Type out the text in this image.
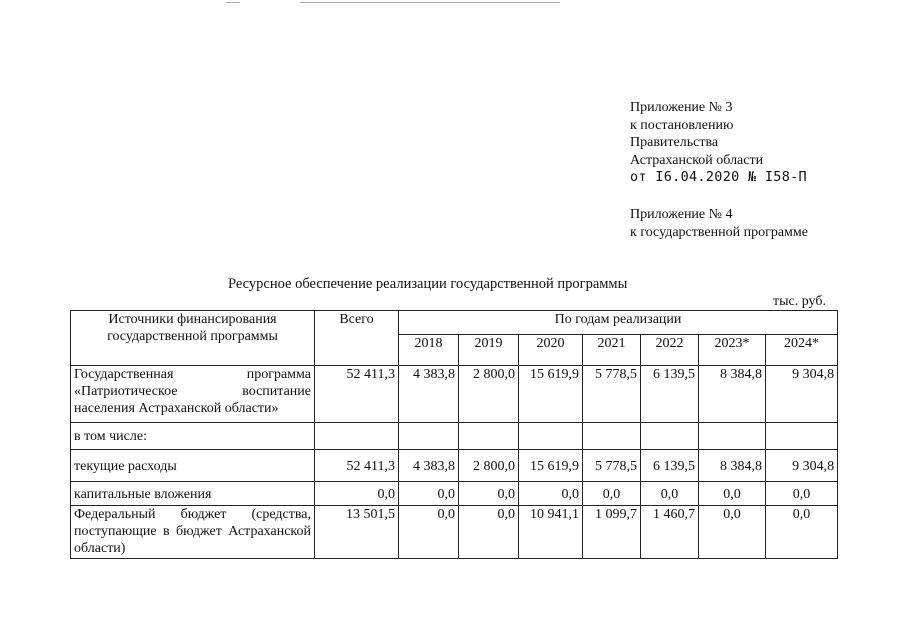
Приложение № 3
к постановлению
Правительства
Астраханской области
от I6.04.2020 № I58-П
Приложение № 4
к государственной программе
Ресурсное обеспечение реализации государственной программы
тыс. руб.
Источники финансирования государственной программы	Всего	По годам реализации						
		2018	2019	2020	2021	2022	2023*	2024*
Государственная программа «Патриотическое воспитание населения Астраханской области»	52 411,3	4 383,8	2 800,0	15 619,9	5 778,5	6 139,5	8 384,8	9 304,8
в том числе:								
текущие расходы	52 411,3	4 383,8	2 800,0	15 619,9	5 778,5	6 139,5	8 384,8	9 304,8
капитальные вложения	0,0	0,0	0,0	0,0	0,0	0,0	0,0	0,0
Федеральный бюджет (средства, поступающие в бюджет Астраханской области)	13 501,5	0,0	0,0	10 941,1	1 099,7	1 460,7	0,0	0,0
